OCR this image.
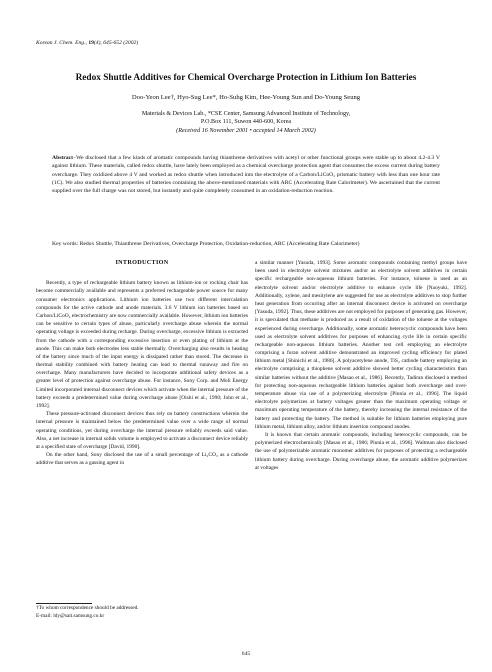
Korean J. Chem. Eng., 19(4), 645-652 (2002)
Redox Shuttle Additives for Chemical Overcharge Protection in Lithium Ion Batteries
Doo-Yeon Lee†, Hyo-Sug Lee*, Ho-Suhg Kim, Hee-Young Sun and Do-Young Seung
Materials & Devices Lab., *CSE Center, Samsung Advanced Institute of Technology,
P.O.Box 111, Suwon 440-600, Korea
(Received 16 November 2001 • accepted 14 March 2002)
Abstract−We disclosed that a few kinds of aromatic compounds having thianthrene derivatives with acetyl or other functional groups were stable up to about 4.2-4.3 V against lithium. These materials, called redox shuttle, have lately been employed as a chemical overcharge protection agent that consumes the excess current during battery overcharge. They oxidized above 4 V and worked as redox shuttle when introduced into the electrolyte of a Carbon/LiCoO₂ prismatic battery with less than one hour rate (1C). We also studied thermal properties of batteries containing the above-mentioned materials with ARC (Accelerating Rate Calorimeter). We ascertained that the current supplied over the full charge was not stored, but instantly and quite completely consumed in an oxidation-reduction reaction.
Key words: Redox Shuttle, Thianthrene Derivatives, Overcharge Protection, Oxidation-reduction, ARC (Accelerating Rate Calorimeter)
INTRODUCTION

Recently, a type of rechargeable lithium battery known as lithium-ion or rocking chair has become commercially available and represents a preferred rechargeable power source for many consumer electronics applications. Lithium ion batteries use two different intercalation compounds for the active cathode and anode materials. 3.6 V lithium ion batteries based on Carbon/LiCoO₂ electrochemistry are now commercially available. However, lithium ion batteries can be sensitive to certain types of abuse, particularly overcharge abuse wherein the normal operating voltage is exceeded during recharge. During overcharge, excessive lithium is extracted from the cathode with a corresponding excessive insertion or even plating of lithium at the anode. This can make both electrodes less stable thermally. Overcharging also results in heating of the battery since much of the input energy is dissipated rather than stored. The decrease in thermal stability combined with battery heating can lead to thermal runaway and fire on overcharge. Many manufacturers have decided to incorporate additional safety devices as a greater level of protection against overcharge abuse. For instance, Sony Corp. and Moli Energy Limited incorporated internal disconnect devices which activate when the internal pressure of the battery exceeds a predetermined value during overcharge abuse [Oishi et al., 1990; John et al., 1992].

These pressure-activated disconnect devices thus rely on battery constructions wherein the internal pressure is maintained below the predetermined value over a wide range of normal operating conditions, yet during overcharge the internal pressure reliably exceeds said value. Also, a net increase in internal solids volume is employed to activate a disconnect device reliably at a specified state of overcharge [David, 1990].

On the other hand, Sony disclosed the use of a small percentage of Li₂CO₃ as a cathode additive that serves as a gassing agent in

a similar manner [Yasuda, 1993]. Some aromatic compounds containing methyl groups have been used in electrolyte solvent mixtures and/or as electrolyte solvent additives in certain specific rechargeable non-aqueous lithium batteries. For instance, toluene is used as an electrolyte solvent and/or electrolyte additive to enhance cycle life [Naoyuki, 1992]. Additionally, xylene, and mesitylene are suggested for use as electrolyte additives to stop further heat generation from occurring after an internal disconnect device is activated on overcharge [Yasuda, 1992]. Thus, these additives are not employed for purposes of generating gas. However, it is speculated that methane is produced as a result of oxidation of the toluene at the voltages experienced during overcharge. Additionally, some aromatic heterocyclic compounds have been used as electrolyte solvent additives for purposes of enhancing cycle life in certain specific rechargeable non-aqueous lithium batteries. Another test cell employing an electrolyte comprising a furan solvent additive demonstrated an improved cycling efficiency for plated lithium metal [Shinichi et al., 1986]. A polyacetylene anode, TiS₂ cathode battery employing an electrolyte comprising a thiophene solvent additive showed better cycling characteristics than similar batteries without the additive [Masao et al., 1986]. Recently, Tadiran disclosed a method for protecting non-aqueous rechargeable lithium batteries against both overcharge and over-temperature abuse via use of a polymerizing electrolyte [Pinnia et al., 1996]. The liquid electrolyte polymerizes at battery voltages greater than the maximum operating voltage or maximum operating temperature of the battery, thereby increasing the internal resistance of the battery and protecting the battery. The method is suitable for lithium batteries employing pure lithium metal, lithium alloy, and/or lithium insertion compound anodes.

It is known that certain aromatic compounds, including heterocyclic compounds, can be polymerized electrochemically [Masao et al., 1986; Pinnia et al., 1996]. Waltman also disclosed the use of polymerizable aromatic monomer additives for purposes of protecting a rechargeable lithium battery during overcharge. During overcharge abuse, the aromatic additive polymerizes at voltages

†To whom correspondence should be addressed.
E-mail: ldy@sait.samsung.co.kr
645
